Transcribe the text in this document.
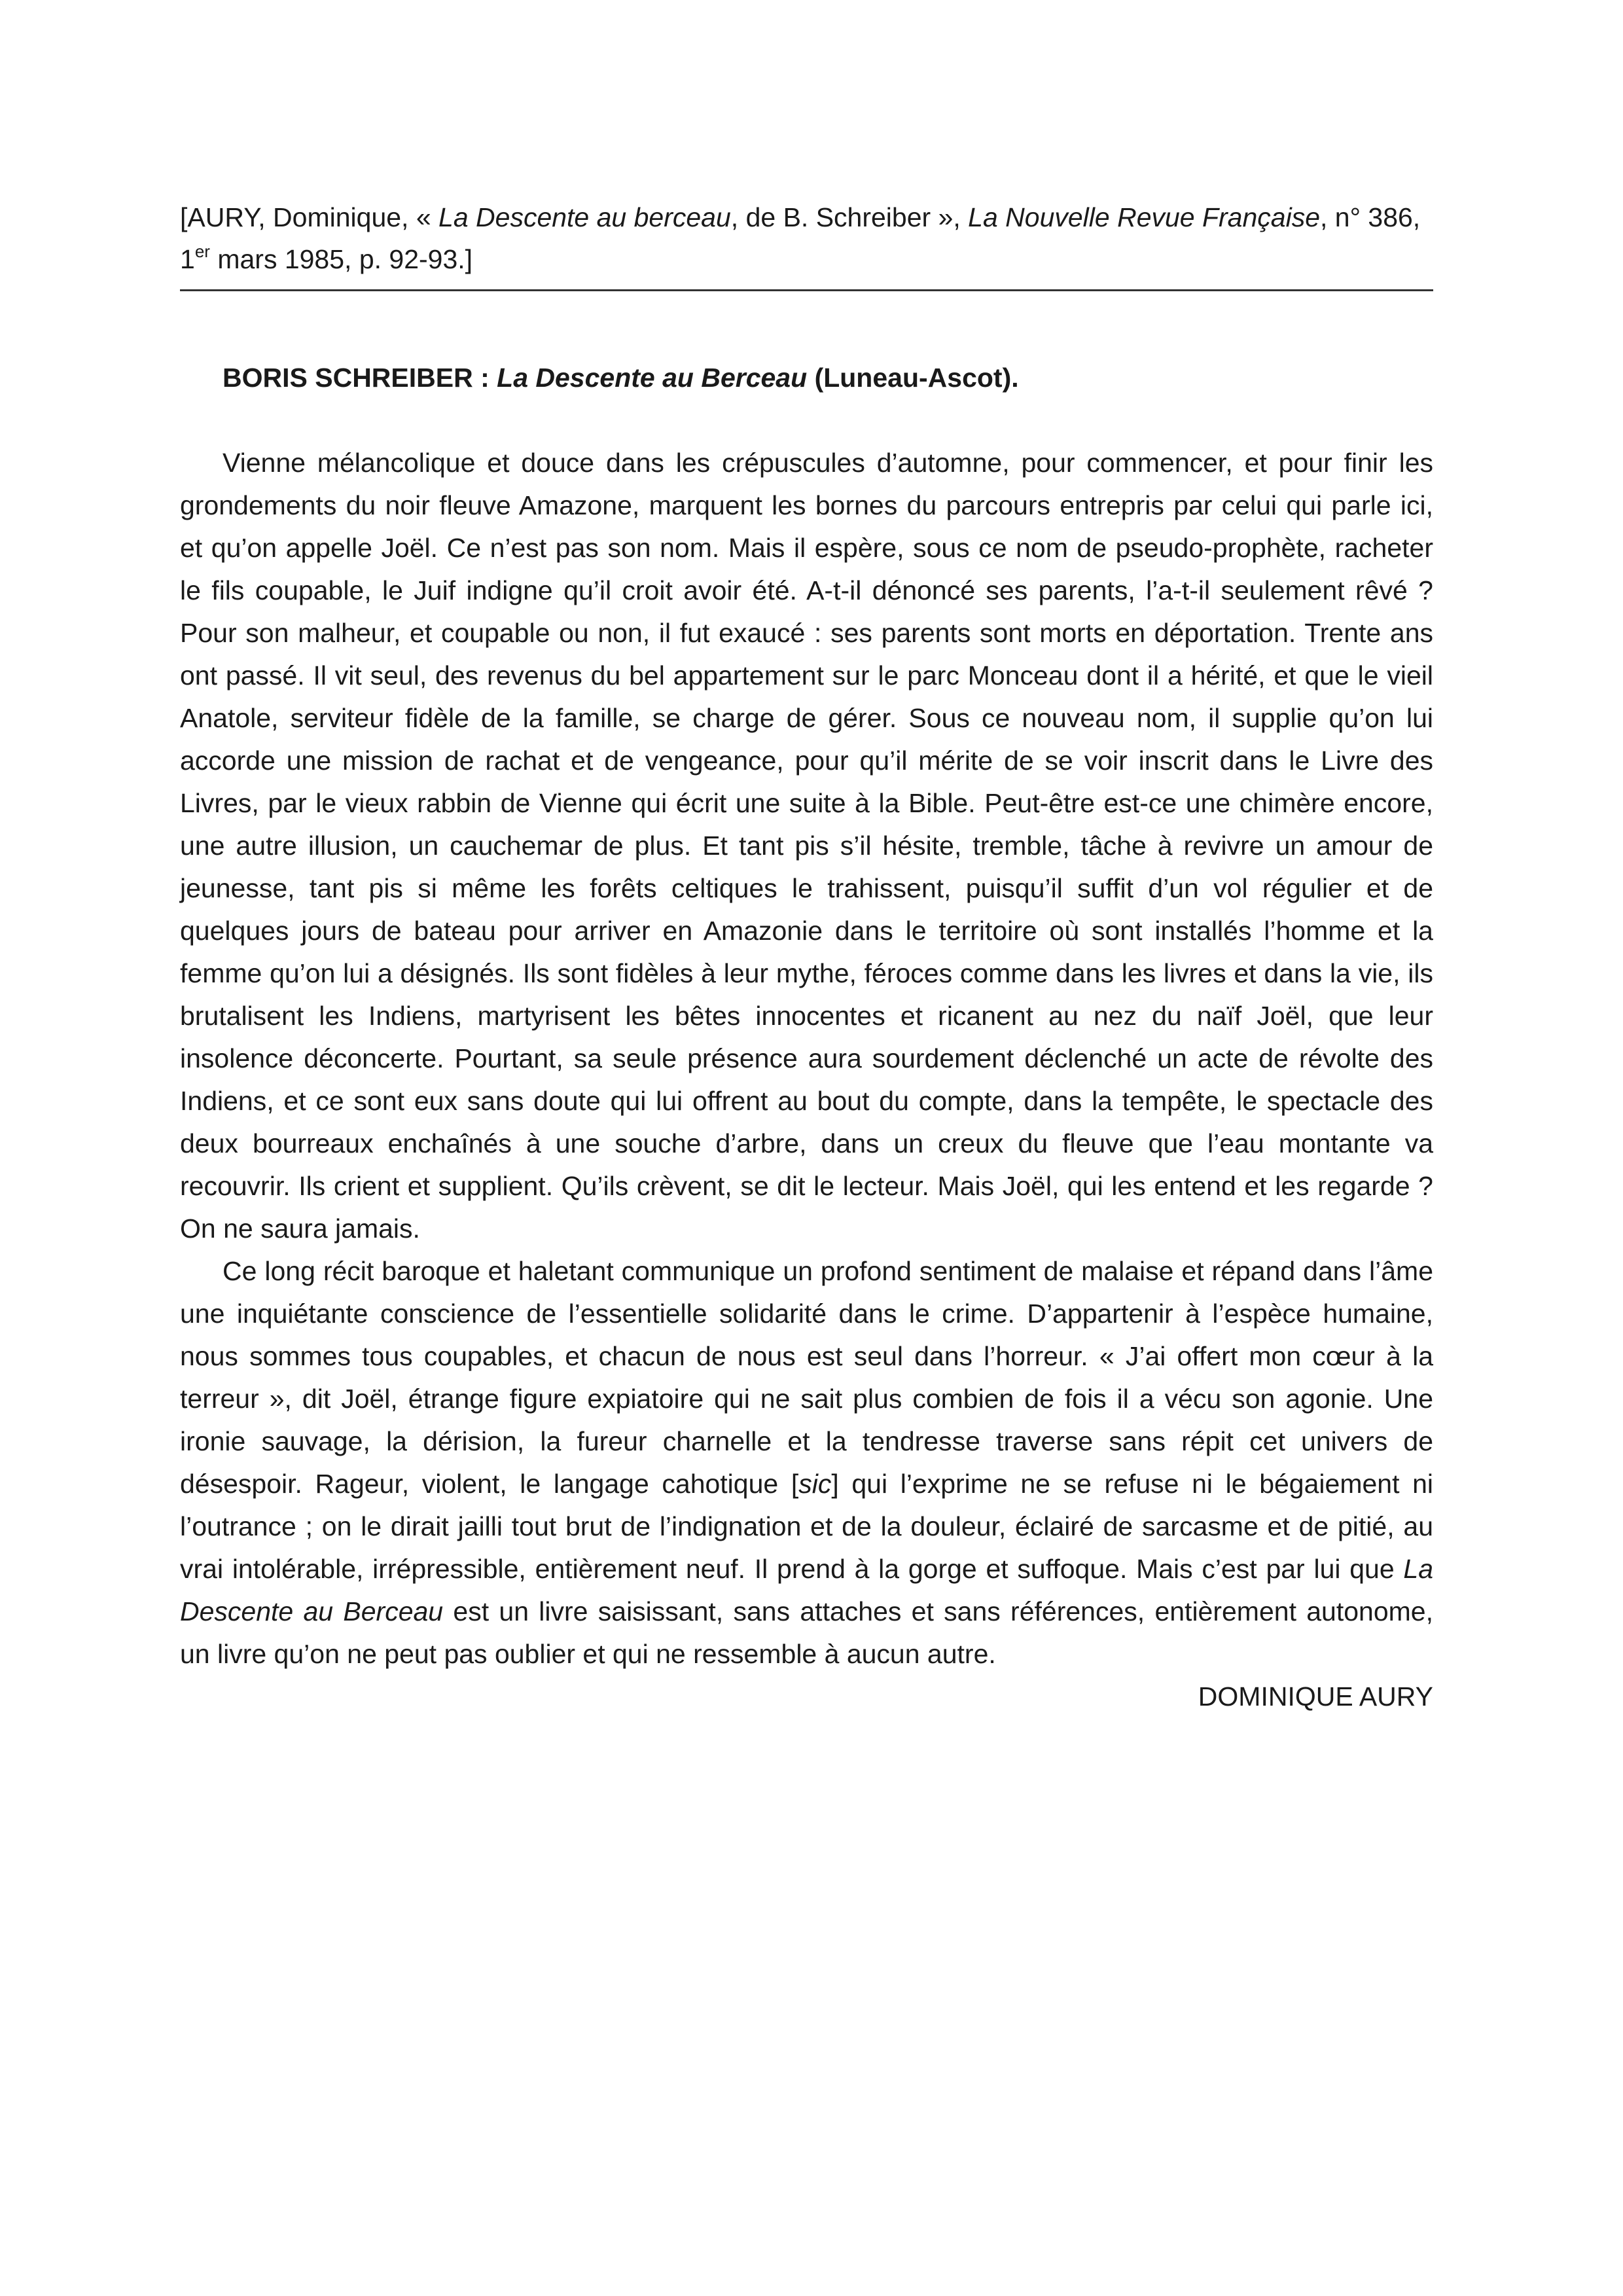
[AURY, Dominique, « La Descente au berceau, de B. Schreiber », La Nouvelle Revue Française, n° 386,
1er mars 1985, p. 92-93.]
BORIS SCHREIBER : La Descente au Berceau (Luneau-Ascot).

Vienne mélancolique et douce dans les crépuscules d’automne, pour commencer, et pour finir les grondements du noir fleuve Amazone, marquent les bornes du parcours entrepris par celui qui parle ici, et qu’on appelle Joël. Ce n’est pas son nom. Mais il espère, sous ce nom de pseudo-prophète, racheter le fils coupable, le Juif indigne qu’il croit avoir été. A-t-il dénoncé ses parents, l’a-t-il seulement rêvé ? Pour son malheur, et coupable ou non, il fut exaucé : ses parents sont morts en déportation. Trente ans ont passé. Il vit seul, des revenus du bel appartement sur le parc Monceau dont il a hérité, et que le vieil Anatole, serviteur fidèle de la famille, se charge de gérer. Sous ce nouveau nom, il supplie qu’on lui accorde une mission de rachat et de vengeance, pour qu’il mérite de se voir inscrit dans le Livre des Livres, par le vieux rabbin de Vienne qui écrit une suite à la Bible. Peut-être est-ce une chimère encore, une autre illusion, un cauchemar de plus. Et tant pis s’il hésite, tremble, tâche à revivre un amour de jeunesse, tant pis si même les forêts celtiques le trahissent, puisqu’il suffit d’un vol régulier et de quelques jours de bateau pour arriver en Amazonie dans le territoire où sont installés l’homme et la femme qu’on lui a désignés. Ils sont fidèles à leur mythe, féroces comme dans les livres et dans la vie, ils brutalisent les Indiens, martyrisent les bêtes innocentes et ricanent au nez du naïf Joël, que leur insolence déconcerte. Pourtant, sa seule présence aura sourdement déclenché un acte de révolte des Indiens, et ce sont eux sans doute qui lui offrent au bout du compte, dans la tempête, le spectacle des deux bourreaux enchaînés à une souche d’arbre, dans un creux du fleuve que l’eau montante va recouvrir. Ils crient et supplient. Qu’ils crèvent, se dit le lecteur. Mais Joël, qui les entend et les regarde ? On ne saura jamais.

Ce long récit baroque et haletant communique un profond sentiment de malaise et répand dans l’âme une inquiétante conscience de l’essentielle solidarité dans le crime. D’appartenir à l’espèce humaine, nous sommes tous coupables, et chacun de nous est seul dans l’horreur. « J’ai offert mon cœur à la terreur », dit Joël, étrange figure expiatoire qui ne sait plus combien de fois il a vécu son agonie. Une ironie sauvage, la dérision, la fureur charnelle et la tendresse traverse sans répit cet univers de désespoir. Rageur, violent, le langage cahotique [sic] qui l’exprime ne se refuse ni le bégaiement ni l’outrance ; on le dirait jailli tout brut de l’indignation et de la douleur, éclairé de sarcasme et de pitié, au vrai intolérable, irrépressible, entièrement neuf. Il prend à la gorge et suffoque. Mais c’est par lui que La Descente au Berceau est un livre saisissant, sans attaches et sans références, entièrement autonome, un livre qu’on ne peut pas oublier et qui ne ressemble à aucun autre.

DOMINIQUE AURY
